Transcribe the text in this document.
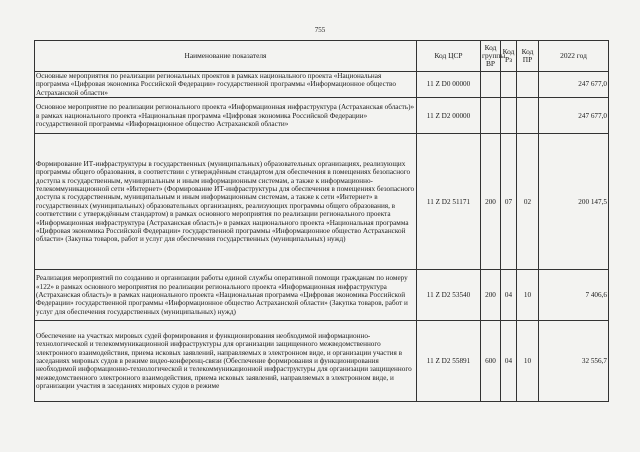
755
Наименование показателя	Код ЦСР	Код группы ВР	Код Рз	Код ПР	2022 год
Основные мероприятия по реализации региональных проектов в рамках национального проекта «Национальная программа «Цифровая экономика Российской Федерации» государственной программы «Информационное общество Астраханской области»	11 Z D0 00000				247 677,0
Основное мероприятие по реализации регионального проекта «Информационная инфраструктура (Астраханская область)» в рамках национального проекта «Национальная программа «Цифровая экономика Российской Федерации» государственной программы «Информационное общество Астраханской области»	11 Z D2 00000				247 677,0
Формирование ИТ-инфраструктуры в государственных (муниципальных) образовательных организациях, реализующих программы общего образования, в соответствии с утверждённым стандартом для обеспечения в помещениях безопасного доступа к государственным, муниципальным и иным информационным системам, а также к информационно-телекоммуникационной сети «Интернет» (Формирование ИТ-инфраструктуры для обеспечения в помещениях безопасного доступа к государственным, муниципальным и иным информационным системам, а также к сети «Интернет» в государственных (муниципальных) образовательных организациях, реализующих программы общего образования, в соответствии с утверждённым стандартом) в рамках основного мероприятия по реализации регионального проекта «Информационная инфраструктура (Астраханская область)» в рамках национального проекта «Национальная программа «Цифровая экономика Российской Федерации» государственной программы «Информационное общество Астраханской области» (Закупка товаров, работ и услуг для обеспечения государственных (муниципальных) нужд)	11 Z D2 51171	200	07	02	200 147,5
Реализация мероприятий по созданию и организации работы единой службы оперативной помощи гражданам по номеру «122» в рамках основного мероприятия по реализации регионального проекта «Информационная инфраструктура (Астраханская область)» в рамках национального проекта «Национальная программа «Цифровая экономика Российской Федерации» государственной программы «Информационное общество Астраханской области» (Закупка товаров, работ и услуг для обеспечения государственных (муниципальных) нужд)	11 Z D2 53540	200	04	10	7 406,6
Обеспечение на участках мировых судей формирования и функционирования необходимой информационно-технологической и телекоммуникационной инфраструктуры для организации защищенного межведомственного электронного взаимодействия, приема исковых заявлений, направляемых в электронном виде, и организации участия в заседаниях мировых судов в режиме видео-конференц-связи (Обеспечение формирования и функционирования необходимой информационно-технологической и телекоммуникационной инфраструктуры для организации защищенного межведомственного электронного взаимодействия, приема исковых заявлений, направляемых в электронном виде, и организации участия в заседаниях мировых судов в режиме	11 Z D2 55891	600	04	10	32 556,7
